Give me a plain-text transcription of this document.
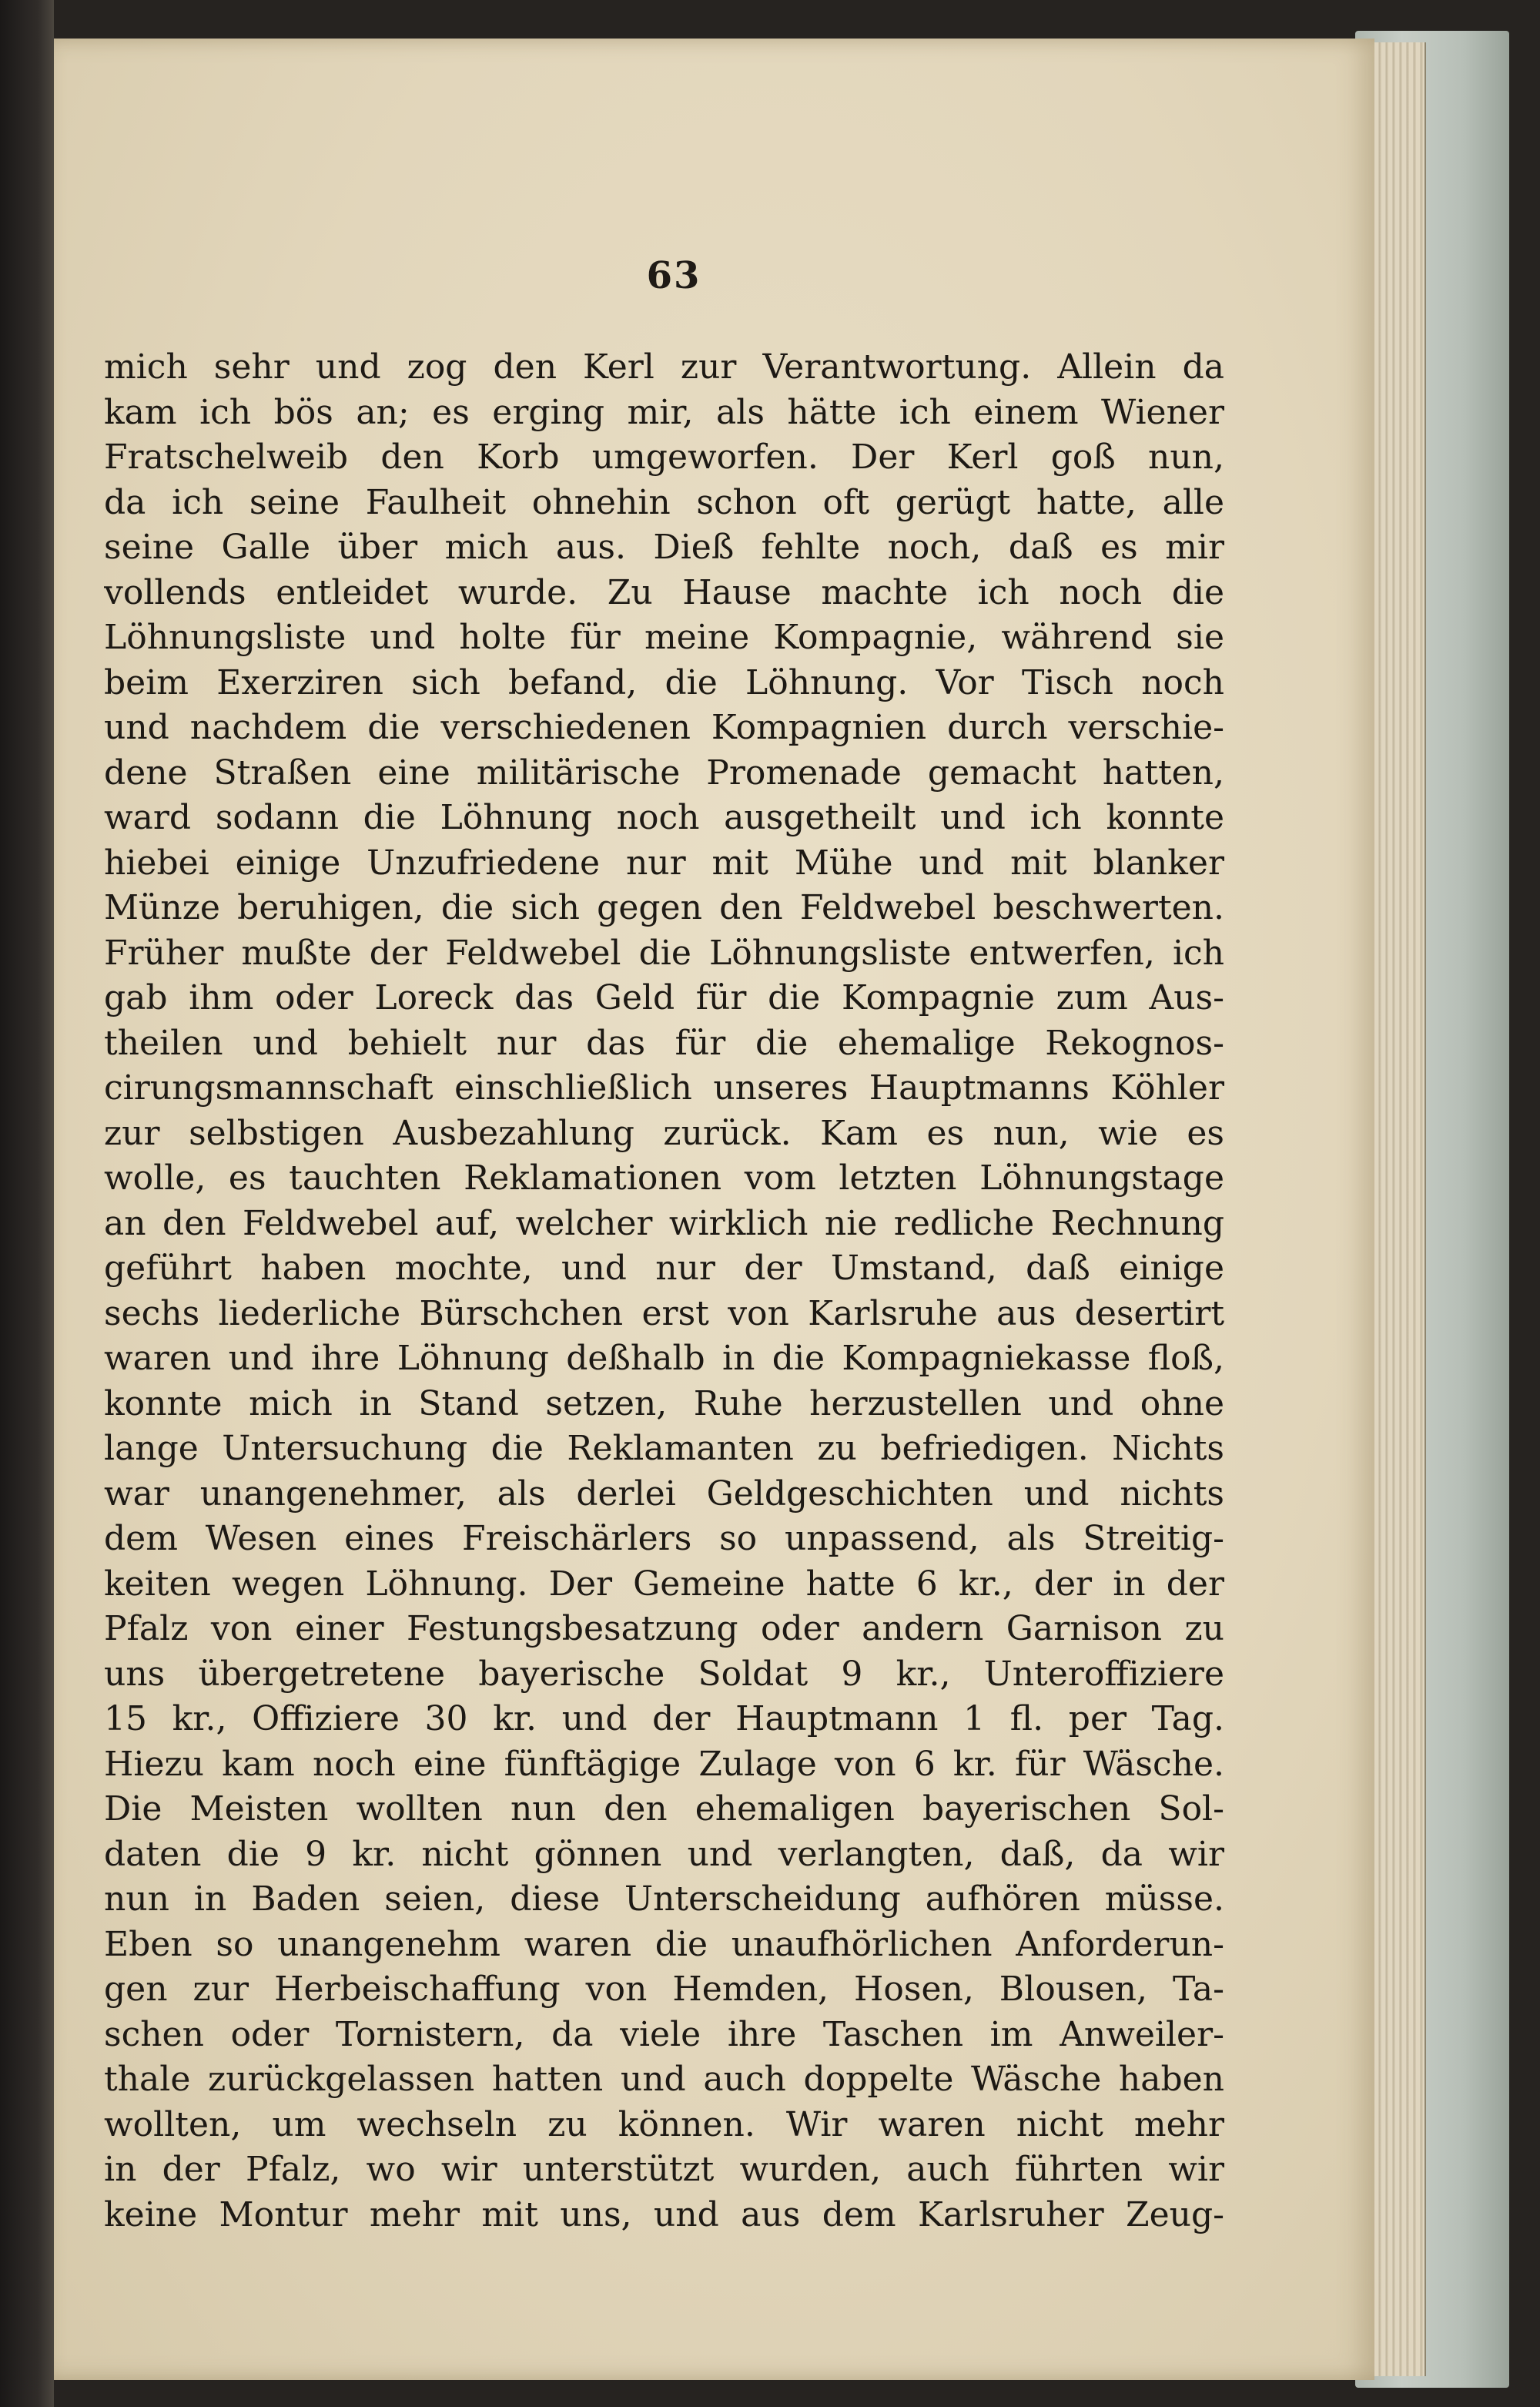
63
mich sehr und zog den Kerl zur Verantwortung. Allein da
kam ich bös an; es erging mir, als hätte ich einem Wiener
Fratschelweib den Korb umgeworfen. Der Kerl goß nun,
da ich seine Faulheit ohnehin schon oft gerügt hatte, alle
seine Galle über mich aus. Dieß fehlte noch, daß es mir
vollends entleidet wurde. Zu Hause machte ich noch die
Löhnungsliste und holte für meine Kompagnie, während sie
beim Exerziren sich befand, die Löhnung. Vor Tisch noch
und nachdem die verschiedenen Kompagnien durch verschie-
dene Straßen eine militärische Promenade gemacht hatten,
ward sodann die Löhnung noch ausgetheilt und ich konnte
hiebei einige Unzufriedene nur mit Mühe und mit blanker
Münze beruhigen, die sich gegen den Feldwebel beschwerten.
Früher mußte der Feldwebel die Löhnungsliste entwerfen, ich
gab ihm oder Loreck das Geld für die Kompagnie zum Aus-
theilen und behielt nur das für die ehemalige Rekognos-
cirungsmannschaft einschließlich unseres Hauptmanns Köhler
zur selbstigen Ausbezahlung zurück. Kam es nun, wie es
wolle, es tauchten Reklamationen vom letzten Löhnungstage
an den Feldwebel auf, welcher wirklich nie redliche Rechnung
geführt haben mochte, und nur der Umstand, daß einige
sechs liederliche Bürschchen erst von Karlsruhe aus desertirt
waren und ihre Löhnung deßhalb in die Kompagniekasse floß,
konnte mich in Stand setzen, Ruhe herzustellen und ohne
lange Untersuchung die Reklamanten zu befriedigen. Nichts
war unangenehmer, als derlei Geldgeschichten und nichts
dem Wesen eines Freischärlers so unpassend, als Streitig-
keiten wegen Löhnung. Der Gemeine hatte 6 kr., der in der
Pfalz von einer Festungsbesatzung oder andern Garnison zu
uns übergetretene bayerische Soldat 9 kr., Unteroffiziere
15 kr., Offiziere 30 kr. und der Hauptmann 1 fl. per Tag.
Hiezu kam noch eine fünftägige Zulage von 6 kr. für Wäsche.
Die Meisten wollten nun den ehemaligen bayerischen Sol-
daten die 9 kr. nicht gönnen und verlangten, daß, da wir
nun in Baden seien, diese Unterscheidung aufhören müsse.
Eben so unangenehm waren die unaufhörlichen Anforderun-
gen zur Herbeischaffung von Hemden, Hosen, Blousen, Ta-
schen oder Tornistern, da viele ihre Taschen im Anweiler-
thale zurückgelassen hatten und auch doppelte Wäsche haben
wollten, um wechseln zu können. Wir waren nicht mehr
in der Pfalz, wo wir unterstützt wurden, auch führten wir
keine Montur mehr mit uns, und aus dem Karlsruher Zeug-
